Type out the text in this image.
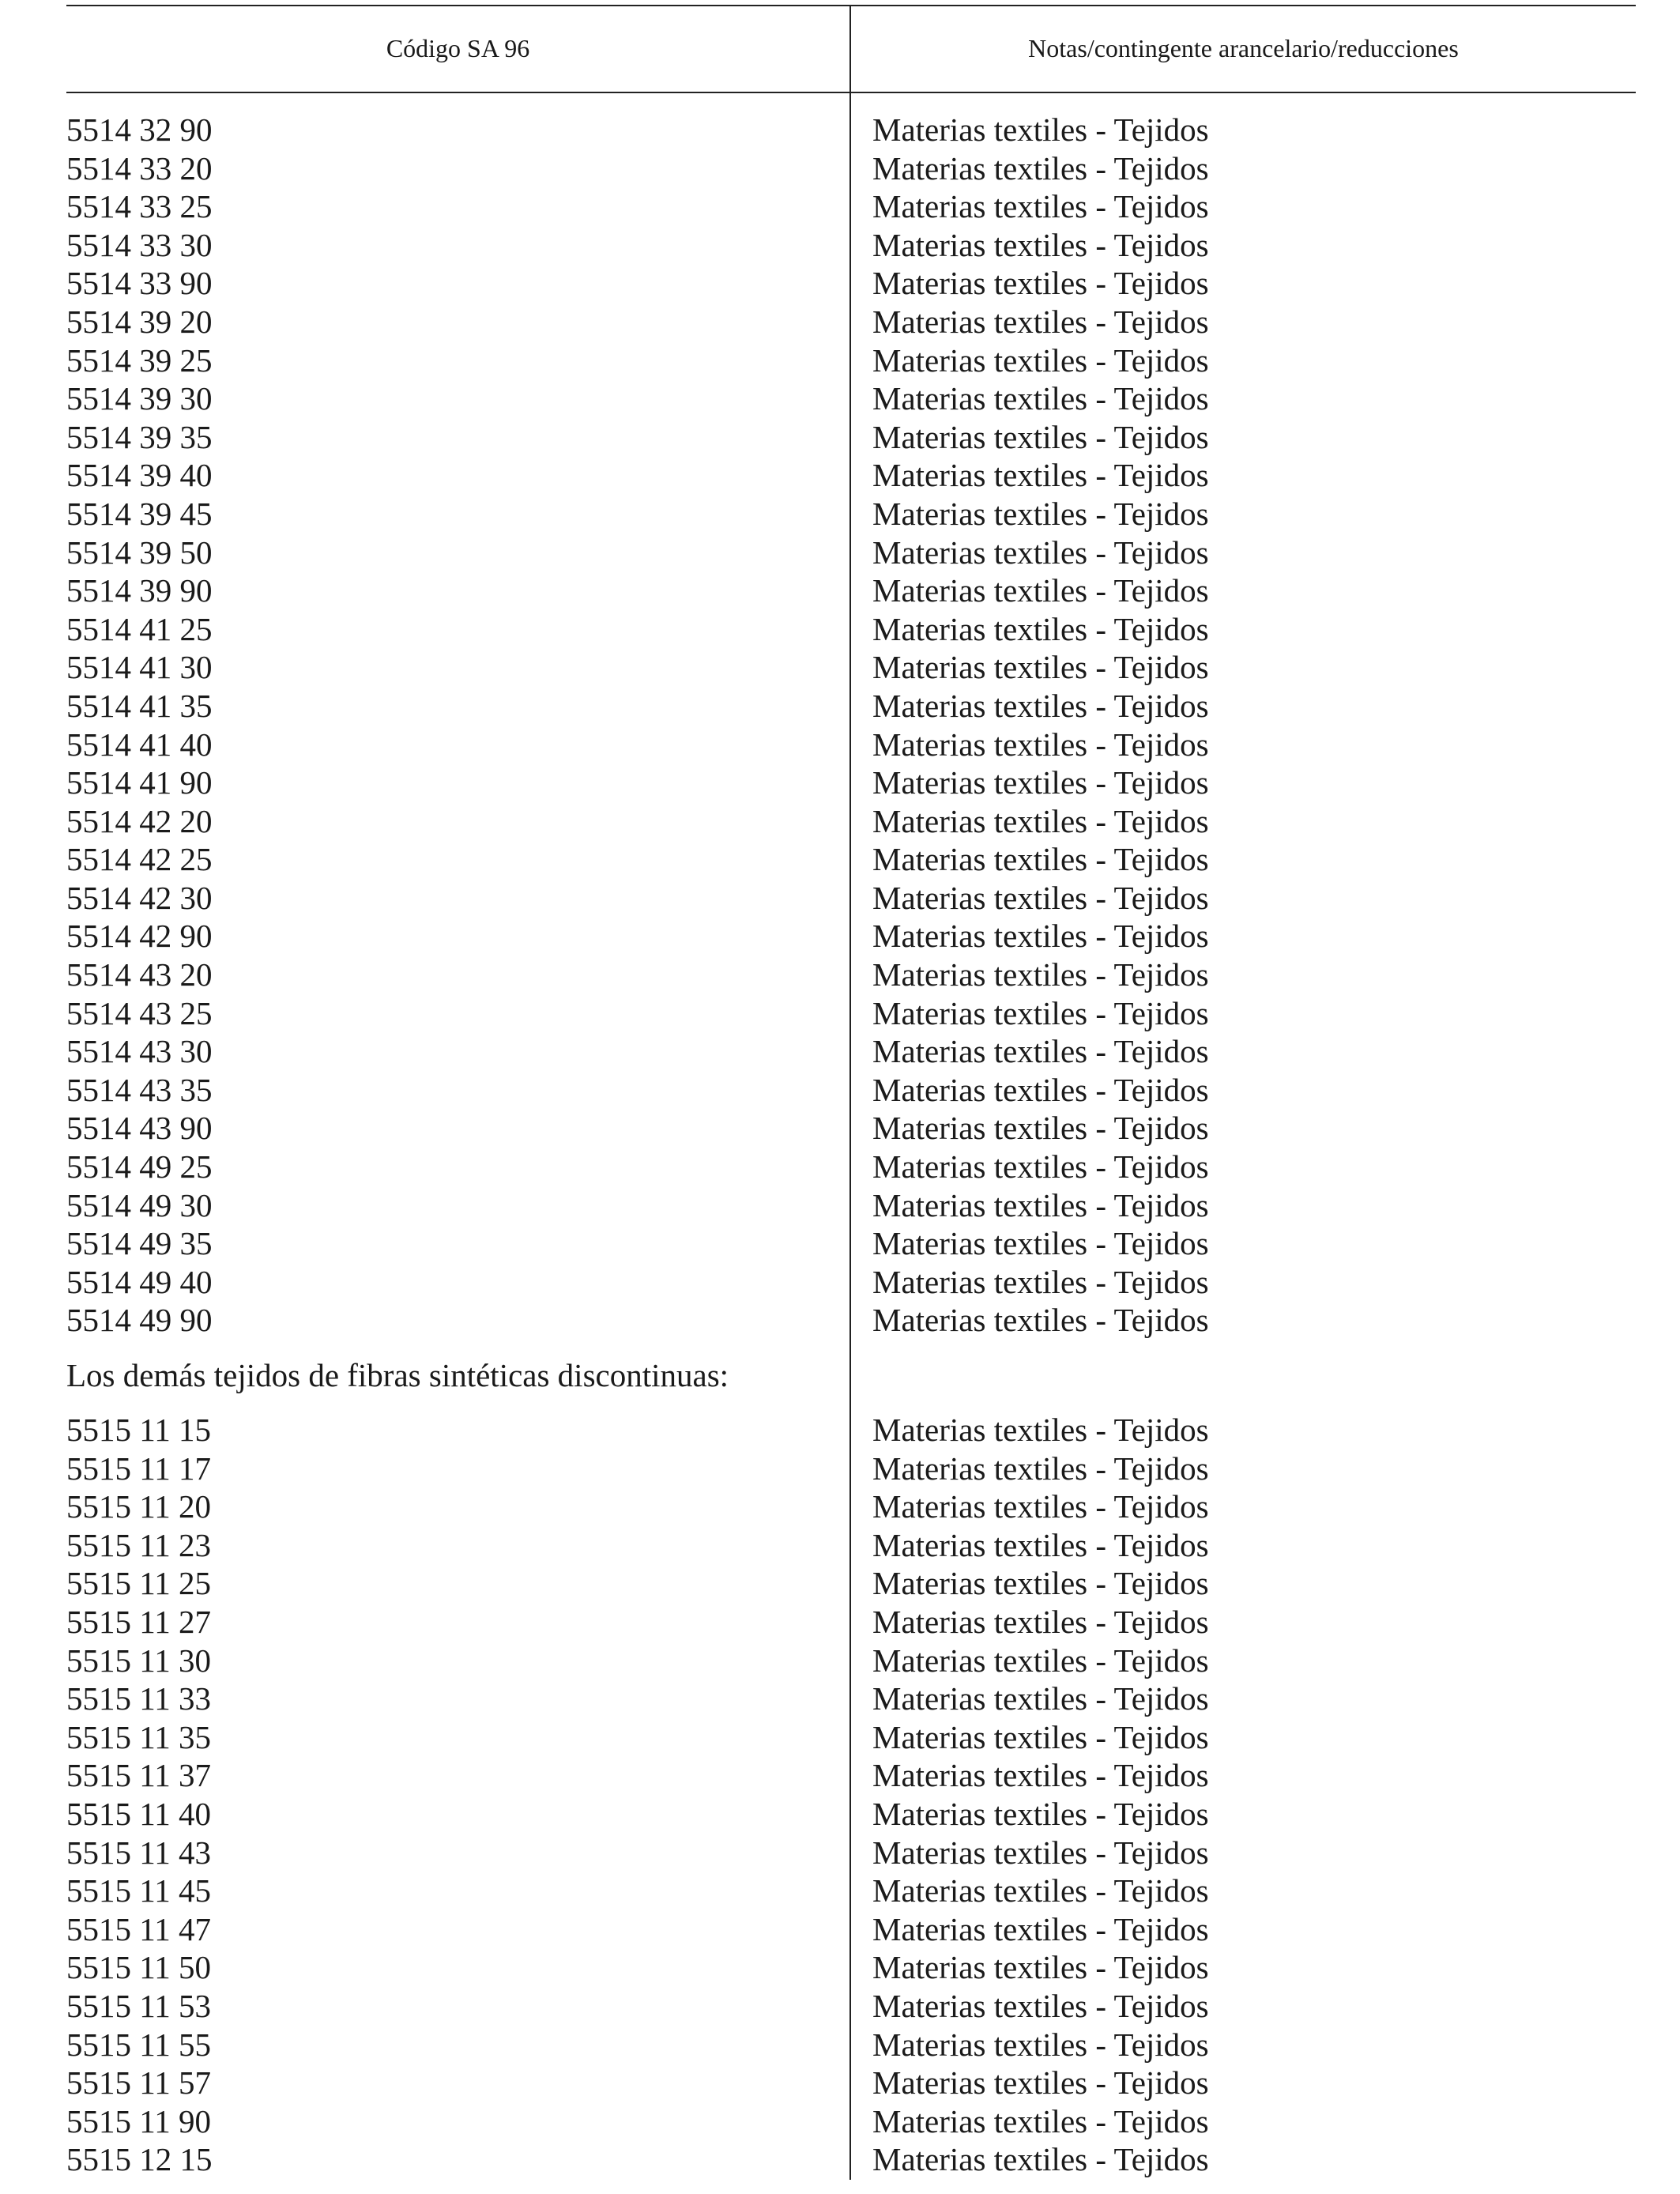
Código SA 96	Notas/contingente arancelario/reducciones
5514 32 90	Materias textiles - Tejidos
5514 33 20	Materias textiles - Tejidos
5514 33 25	Materias textiles - Tejidos
5514 33 30	Materias textiles - Tejidos
5514 33 90	Materias textiles - Tejidos
5514 39 20	Materias textiles - Tejidos
5514 39 25	Materias textiles - Tejidos
5514 39 30	Materias textiles - Tejidos
5514 39 35	Materias textiles - Tejidos
5514 39 40	Materias textiles - Tejidos
5514 39 45	Materias textiles - Tejidos
5514 39 50	Materias textiles - Tejidos
5514 39 90	Materias textiles - Tejidos
5514 41 25	Materias textiles - Tejidos
5514 41 30	Materias textiles - Tejidos
5514 41 35	Materias textiles - Tejidos
5514 41 40	Materias textiles - Tejidos
5514 41 90	Materias textiles - Tejidos
5514 42 20	Materias textiles - Tejidos
5514 42 25	Materias textiles - Tejidos
5514 42 30	Materias textiles - Tejidos
5514 42 90	Materias textiles - Tejidos
5514 43 20	Materias textiles - Tejidos
5514 43 25	Materias textiles - Tejidos
5514 43 30	Materias textiles - Tejidos
5514 43 35	Materias textiles - Tejidos
5514 43 90	Materias textiles - Tejidos
5514 49 25	Materias textiles - Tejidos
5514 49 30	Materias textiles - Tejidos
5514 49 35	Materias textiles - Tejidos
5514 49 40	Materias textiles - Tejidos
5514 49 90	Materias textiles - Tejidos
Los demás tejidos de fibras sintéticas discontinuas:
5515 11 15	Materias textiles - Tejidos
5515 11 17	Materias textiles - Tejidos
5515 11 20	Materias textiles - Tejidos
5515 11 23	Materias textiles - Tejidos
5515 11 25	Materias textiles - Tejidos
5515 11 27	Materias textiles - Tejidos
5515 11 30	Materias textiles - Tejidos
5515 11 33	Materias textiles - Tejidos
5515 11 35	Materias textiles - Tejidos
5515 11 37	Materias textiles - Tejidos
5515 11 40	Materias textiles - Tejidos
5515 11 43	Materias textiles - Tejidos
5515 11 45	Materias textiles - Tejidos
5515 11 47	Materias textiles - Tejidos
5515 11 50	Materias textiles - Tejidos
5515 11 53	Materias textiles - Tejidos
5515 11 55	Materias textiles - Tejidos
5515 11 57	Materias textiles - Tejidos
5515 11 90	Materias textiles - Tejidos
5515 12 15	Materias textiles - Tejidos
